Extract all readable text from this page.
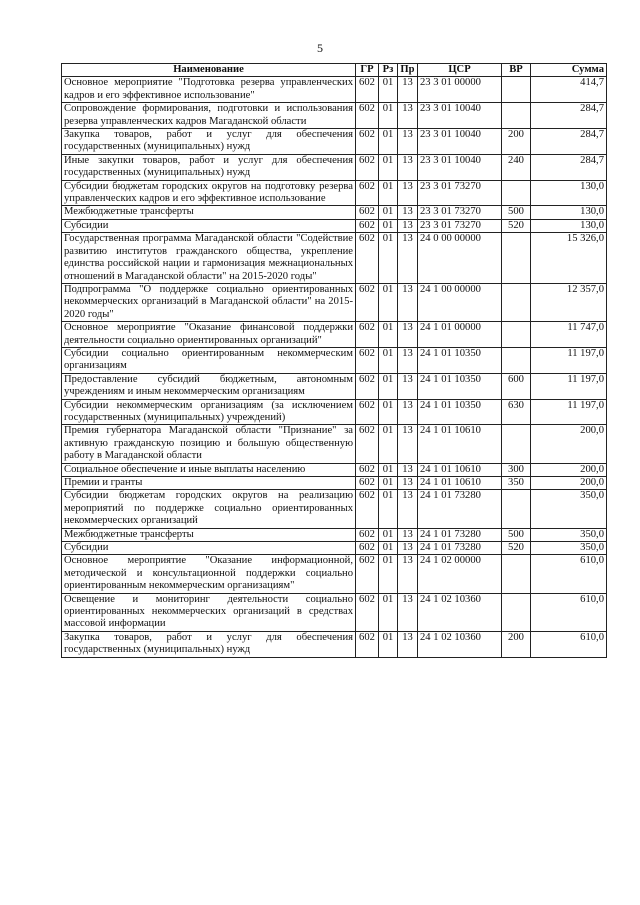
5
Наименование	ГР	Рз	Пр	ЦСР	ВР	Сумма
Основное мероприятие "Подготовка резерва управленческих кадров и его эффективное использование"	602	01	13	23 3 01 00000		414,7
Сопровождение формирования, подготовки и использования резерва управленческих кадров Магаданской области	602	01	13	23 3 01 10040		284,7
Закупка товаров, работ и услуг для обеспечения государственных (муниципальных) нужд	602	01	13	23 3 01 10040	200	284,7
Иные закупки товаров, работ и услуг для обеспечения государственных (муниципальных) нужд	602	01	13	23 3 01 10040	240	284,7
Субсидии бюджетам городских округов на подготовку резерва управленческих кадров и его эффективное использование	602	01	13	23 3 01 73270		130,0
Межбюджетные трансферты	602	01	13	23 3 01 73270	500	130,0
Субсидии	602	01	13	23 3 01 73270	520	130,0
Государственная программа Магаданской области "Содействие развитию институтов гражданского общества, укрепление единства российской нации и гармонизация межнациональных отношений в Магаданской области" на 2015-2020 годы"	602	01	13	24 0 00 00000		15 326,0
Подпрограмма "О поддержке социально ориентированных некоммерческих организаций в Магаданской области" на 2015-2020 годы"	602	01	13	24 1 00 00000		12 357,0
Основное мероприятие "Оказание финансовой поддержки деятельности социально ориентированных организаций"	602	01	13	24 1 01 00000		11 747,0
Субсидии социально ориентированным некоммерческим организациям	602	01	13	24 1 01 10350		11 197,0
Предоставление субсидий бюджетным, автономным учреждениям и иным некоммерческим организациям	602	01	13	24 1 01 10350	600	11 197,0
Субсидии некоммерческим организациям (за исключением государственных (муниципальных) учреждений)	602	01	13	24 1 01 10350	630	11 197,0
Премия губернатора Магаданской области "Признание" за активную гражданскую позицию и большую общественную работу в Магаданской области	602	01	13	24 1 01 10610		200,0
Социальное обеспечение и иные выплаты населению	602	01	13	24 1 01 10610	300	200,0
Премии и гранты	602	01	13	24 1 01 10610	350	200,0
Субсидии бюджетам городских округов на реализацию мероприятий по поддержке социально ориентированных некоммерческих организаций	602	01	13	24 1 01 73280		350,0
Межбюджетные трансферты	602	01	13	24 1 01 73280	500	350,0
Субсидии	602	01	13	24 1 01 73280	520	350,0
Основное мероприятие "Оказание информационной, методической и консультационной поддержки социально ориентированным некоммерческим организациям"	602	01	13	24 1 02 00000		610,0
Освещение и мониторинг деятельности социально ориентированных некоммерческих организаций в средствах массовой информации	602	01	13	24 1 02 10360		610,0
Закупка товаров, работ и услуг для обеспечения государственных (муниципальных) нужд	602	01	13	24 1 02 10360	200	610,0
